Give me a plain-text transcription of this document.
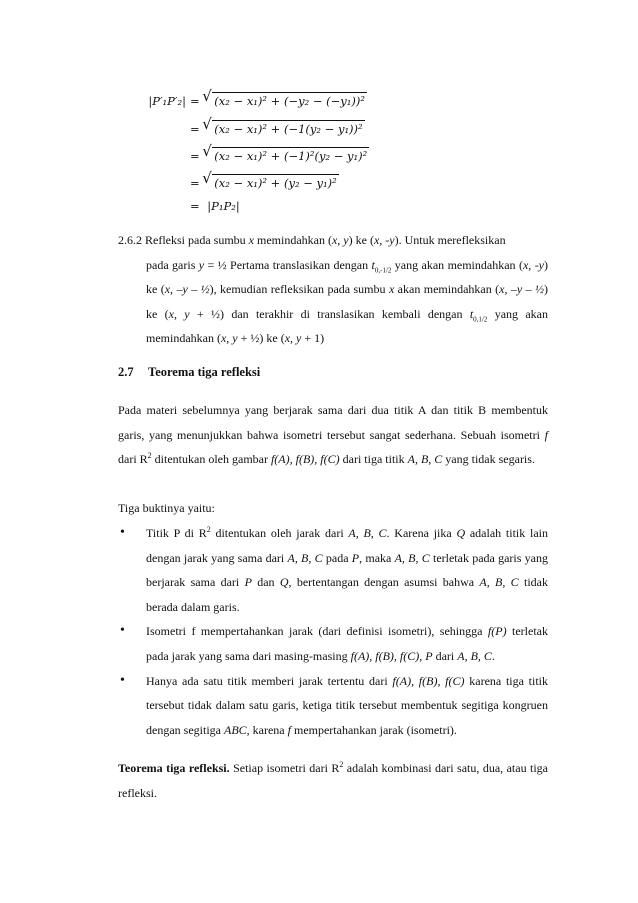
|P′₁P′₂| = √ (x₂ − x₁)² + (−y₂ − (−y₁))²
= √ (x₂ − x₁)² + (−1(y₂ − y₁))²
= √ (x₂ − x₁)² + (−1)²(y₂ − y₁)²
= √ (x₂ − x₁)² + (y₂ − y₁)²
= |P₁P₂|
2.6.2 Refleksi pada sumbu x memindahkan (x, y) ke (x, -y). Untuk merefleksikan
pada garis y = ½ Pertama translasikan dengan $t_{0,-1/2}$ yang akan memindahkan (x, -y) ke (x, –y – ½), kemudian refleksikan pada sumbu x akan memindahkan (x, –y – ½) ke (x, y + ½) dan terakhir di translasikan kembali dengan $t_{0,1/2}$ yang akan memindahkan (x, y + ½) ke (x, y + 1)
2.7 Teorema tiga refleksi
Pada materi sebelumnya yang berjarak sama dari dua titik A dan titik B membentuk garis, yang menunjukkan bahwa isometri tersebut sangat sederhana. Sebuah isometri f dari $R^2$ ditentukan oleh gambar f(A), f(B), f(C) dari tiga titik A, B, C yang tidak segaris.
Tiga buktinya yaitu:
• Titik P di $R^2$ ditentukan oleh jarak dari A, B, C. Karena jika Q adalah titik lain dengan jarak yang sama dari A, B, C pada P, maka A, B, C terletak pada garis yang berjarak sama dari P dan Q, bertentangan dengan asumsi bahwa A, B, C tidak berada dalam garis.
• Isometri f mempertahankan jarak (dari definisi isometri), sehingga f(P) terletak pada jarak yang sama dari masing-masing f(A), f(B), f(C), P dari A, B, C.
• Hanya ada satu titik memberi jarak tertentu dari f(A), f(B), f(C) karena tiga titik tersebut tidak dalam satu garis, ketiga titik tersebut membentuk segitiga kongruen dengan segitiga ABC, karena f mempertahankan jarak (isometri).
Teorema tiga refleksi. Setiap isometri dari $R^2$ adalah kombinasi dari satu, dua, atau tiga refleksi.
